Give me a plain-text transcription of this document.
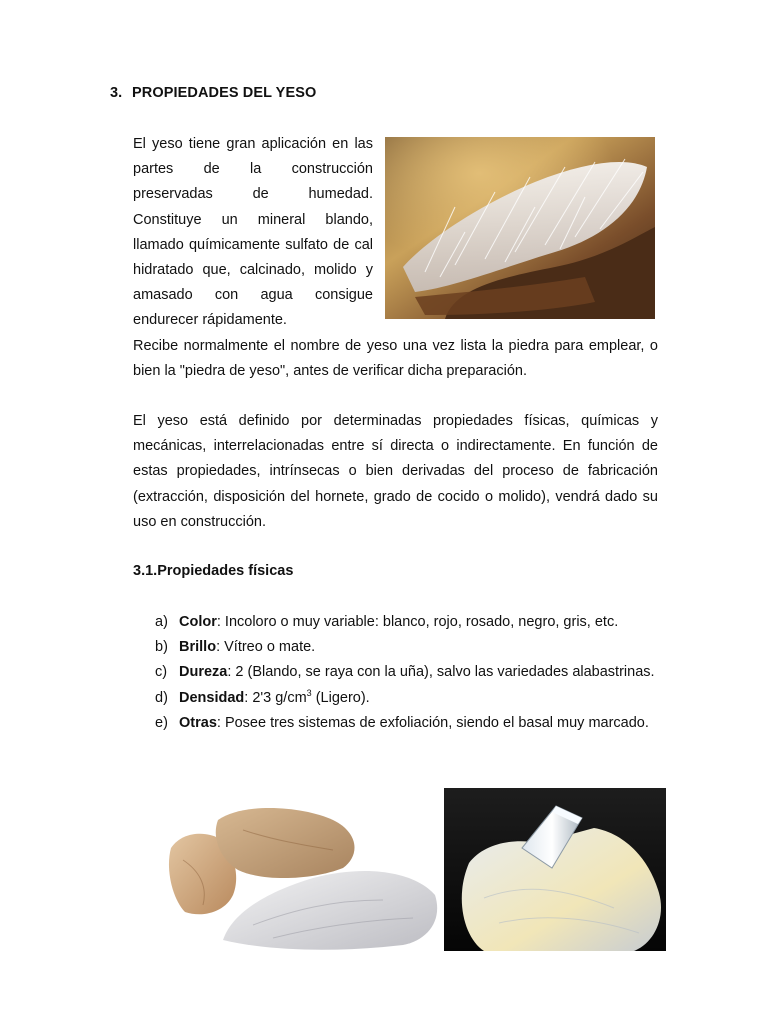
3. PROPIEDADES DEL YESO
El yeso tiene gran aplicación en las partes de la construcción preservadas de humedad. Constituye un mineral blando, llamado químicamente sulfato de cal hidratado que, calcinado, molido y amasado con agua consigue endurecer rápidamente.
Recibe normalmente el nombre de yeso una vez lista la piedra para emplear, o bien la "piedra de yeso", antes de verificar dicha preparación.
El yeso está definido por determinadas propiedades físicas, químicas y mecánicas, interrelacionadas entre sí directa o indirectamente. En función de estas propiedades, intrínsecas o bien derivadas del proceso de fabricación (extracción, disposición del hornete, grado de cocido o molido), vendrá dado su uso en construcción.
3.1.Propiedades físicas
a) Color: Incoloro o muy variable: blanco, rojo, rosado, negro, gris, etc.
b) Brillo: Vítreo o mate.
c) Dureza: 2 (Blando, se raya con la uña), salvo las variedades alabastrinas.
d) Densidad: 2'3 $g/cm^3$ (Ligero).
e) Otras: Posee tres sistemas de exfoliación, siendo el basal muy marcado.
